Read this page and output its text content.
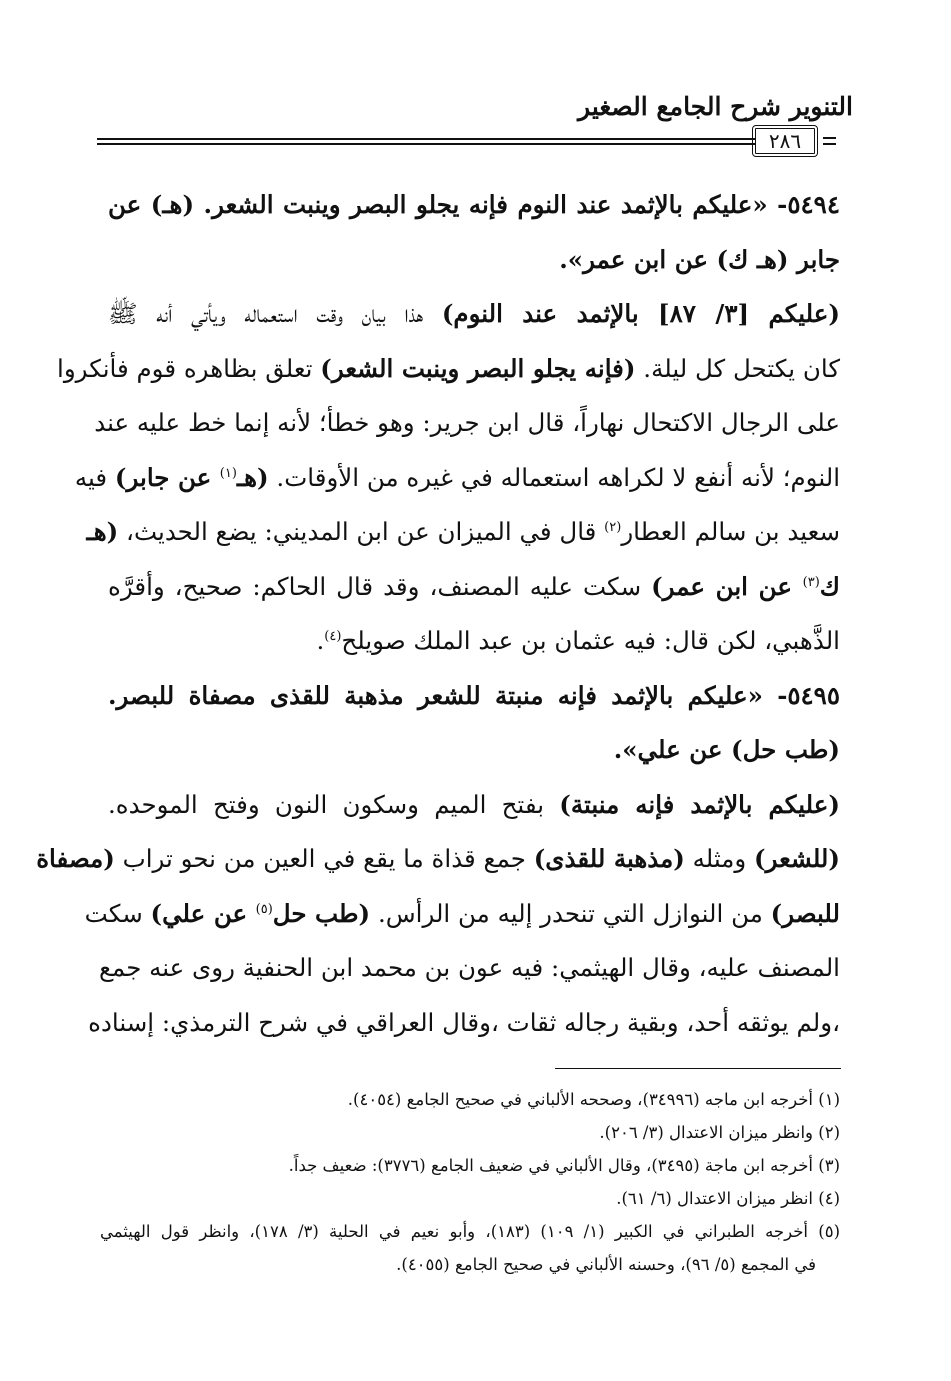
التنوير شرح الجامع الصغير
٢٨٦
٥٤٩٤- «عليكم بالإثمد عند النوم فإنه يجلو البصر وينبت الشعر. (هـ) عن
جابر (هـ ك) عن ابن عمر».
(عليكم [٣/ ٨٧] بالإثمد عند النوم) هذا بيان وقت استعماله ويأتي أنه ﷺ
كان يكتحل كل ليلة. (فإنه يجلو البصر وينبت الشعر) تعلق بظاهره قوم فأنكروا
على الرجال الاكتحال نهاراً، قال ابن جرير: وهو خطأ؛ لأنه إنما خط عليه عند
النوم؛ لأنه أنفع لا لكراهه استعماله في غيره من الأوقات. (هـ$^{(١)}$ عن جابر) فيه
سعيد بن سالم العطار$^{(٢)}$ قال في الميزان عن ابن المديني: يضع الحديث، (هـ
ك$^{(٣)}$ عن ابن عمر) سكت عليه المصنف، وقد قال الحاكم: صحيح، وأقرَّه
الذَّهبي، لكن قال: فيه عثمان بن عبد الملك صويلح$^{(٤)}$.
٥٤٩٥- «عليكم بالإثمد فإنه منبتة للشعر مذهبة للقذى مصفاة للبصر.
(طب حل) عن علي».
(عليكم بالإثمد فإنه منبتة) بفتح الميم وسكون النون وفتح الموحده.
(للشعر) ومثله (مذهبة للقذى) جمع قذاة ما يقع في العين من نحو تراب (مصفاة
للبصر) من النوازل التي تنحدر إليه من الرأس. (طب حل$^{(٥)}$ عن علي) سكت
المصنف عليه، وقال الهيثمي: فيه عون بن محمد ابن الحنفية روى عنه جمع
،ولم يوثقه أحد، وبقية رجاله ثقات ،وقال العراقي في شرح الترمذي: إسناده
(١) أخرجه ابن ماجه (٣٤٩٩٦)، وصححه الألباني في صحيح الجامع (٤٠٥٤).
(٢) وانظر ميزان الاعتدال (٣/ ٢٠٦).
(٣) أخرجه ابن ماجة (٣٤٩٥)، وقال الألباني في ضعيف الجامع (٣٧٧٦): ضعيف جداً.
(٤) انظر ميزان الاعتدال (٦/ ٦١).
(٥) أخرجه الطبراني في الكبير (١/ ١٠٩) (١٨٣)، وأبو نعيم في الحلية (٣/ ١٧٨)، وانظر قول الهيثمي
في المجمع (٥/ ٩٦)، وحسنه الألباني في صحيح الجامع (٤٠٥٥).
